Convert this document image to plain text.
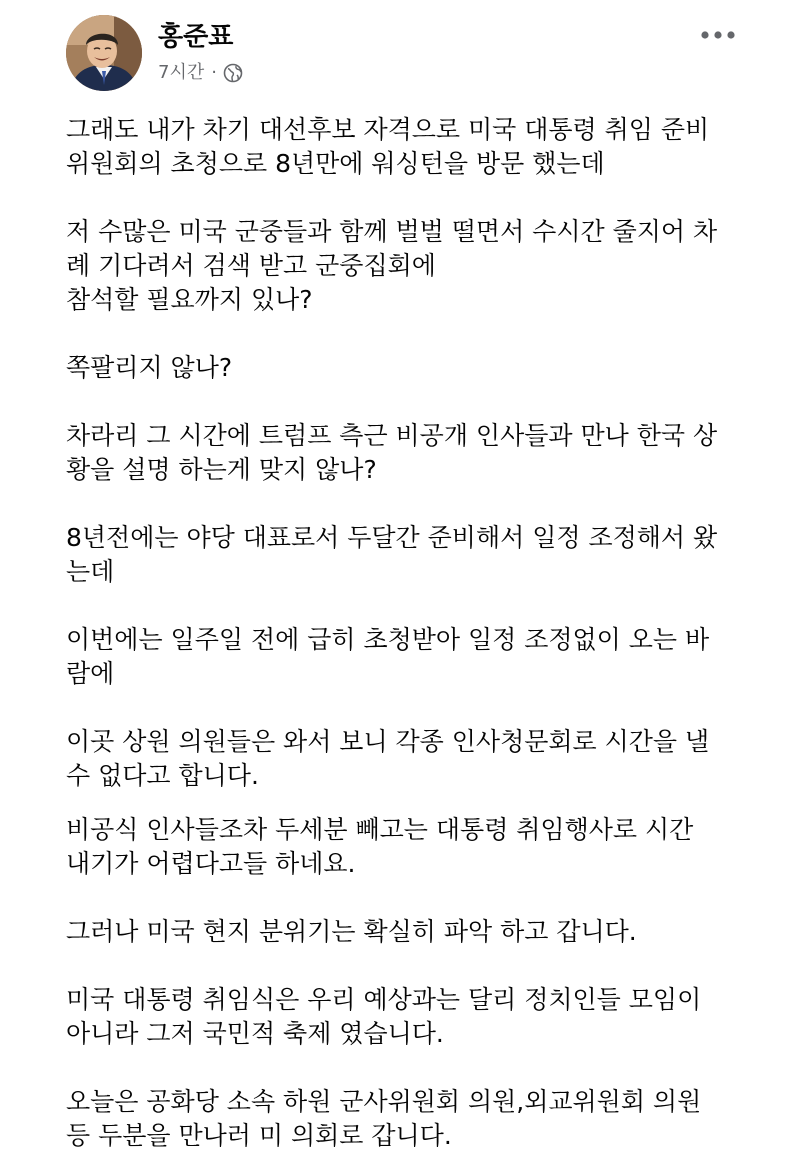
홍준표
7시간 ·

그래도 내가 차기 대선후보 자격으로 미국 대통령 취임 준비
위원회의 초청으로 8년만에 워싱턴을 방문 했는데

저 수많은 미국 군중들과 함께 벌벌 떨면서 수시간 줄지어 차
례 기다려서 검색 받고 군중집회에
참석할 필요까지 있나?

쪽팔리지 않나?

차라리 그 시간에 트럼프 측근 비공개 인사들과 만나 한국 상
황을 설명 하는게 맞지 않나?

8년전에는 야당 대표로서 두달간 준비해서 일정 조정해서 왔
는데

이번에는 일주일 전에 급히 초청받아 일정 조정없이 오는 바
람에

이곳 상원 의원들은 와서 보니 각종 인사청문회로 시간을 낼
수 없다고 합니다.

비공식 인사들조차 두세분 빼고는 대통령 취임행사로 시간
내기가 어렵다고들 하네요.

그러나 미국 현지 분위기는 확실히 파악 하고 갑니다.

미국 대통령 취임식은 우리 예상과는 달리 정치인들 모임이
아니라 그저 국민적 축제 였습니다.

오늘은 공화당 소속 하원 군사위원회 의원,외교위원회 의원
등 두분을 만나러 미 의회로 갑니다.
